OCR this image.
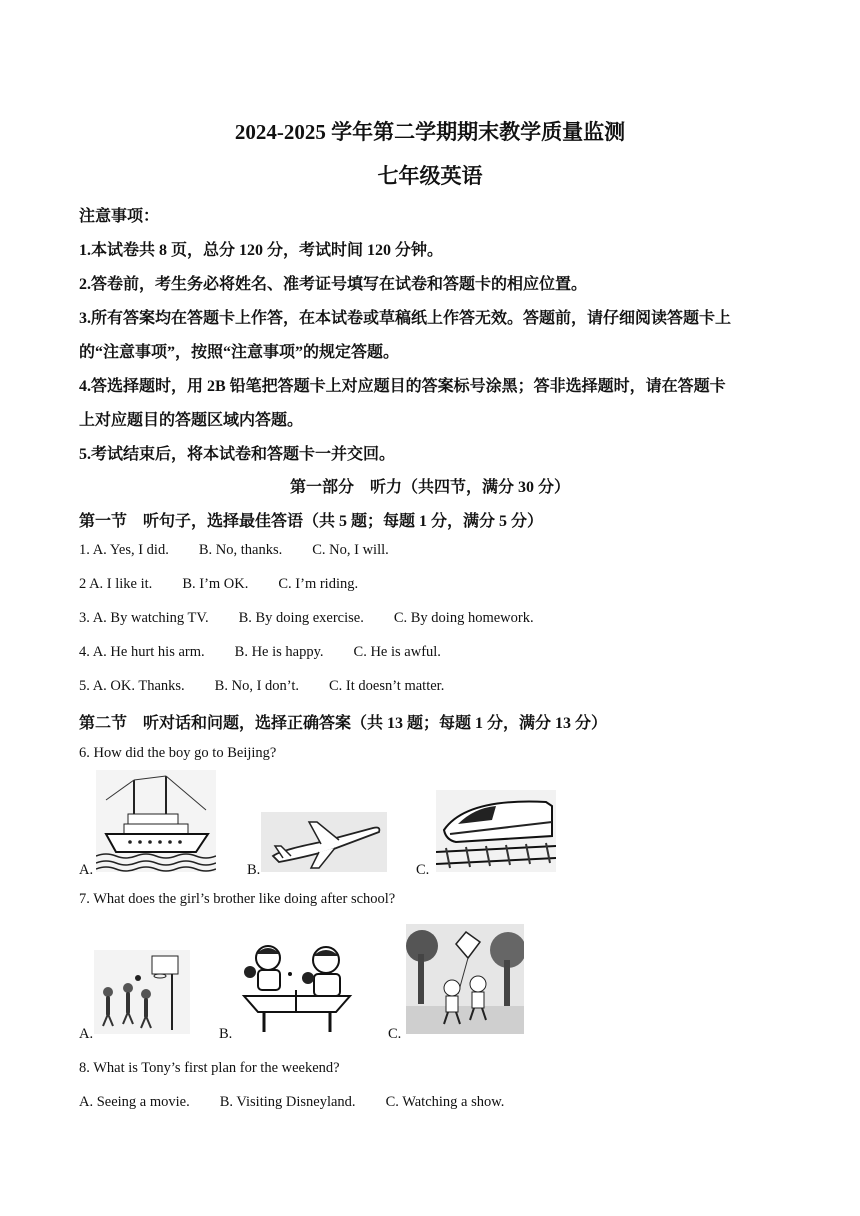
2024-2025 学年第二学期期末教学质量监测
七年级英语
注意事项：
1.本试卷共 8 页，总分 120 分，考试时间 120 分钟。
2.答卷前，考生务必将姓名、准考证号填写在试卷和答题卡的相应位置。
3.所有答案均在答题卡上作答，在本试卷或草稿纸上作答无效。答题前，请仔细阅读答题卡上
的“注意事项”，按照“注意事项”的规定答题。
4.答选择题时，用 2B 铅笔把答题卡上对应题目的答案标号涂黑；答非选择题时，请在答题卡
上对应题目的答题区域内答题。
5.考试结束后，将本试卷和答题卡一并交回。
第一部分　听力（共四节，满分 30 分）
第一节　听句子，选择最佳答语（共 5 题；每题 1 分，满分 5 分）
1. A. Yes, I did. B. No, thanks. C. No, I will.
2 A. I like it. B. I’m OK. C. I’m riding.
3. A. By watching TV. B. By doing exercise. C. By doing homework.
4. A. He hurt his arm. B. He is happy. C. He is awful.
5. A. OK. Thanks. B. No, I don’t. C. It doesn’t matter.
第二节　听对话和问题，选择正确答案（共 13 题；每题 1 分，满分 13 分）
6. How did the boy go to Beijing?
A.	B.	C.
7. What does the girl’s brother like doing after school?
A.	B.	C.
8. What is Tony’s first plan for the weekend?
A. Seeing a movie. B. Visiting Disneyland. C. Watching a show.
